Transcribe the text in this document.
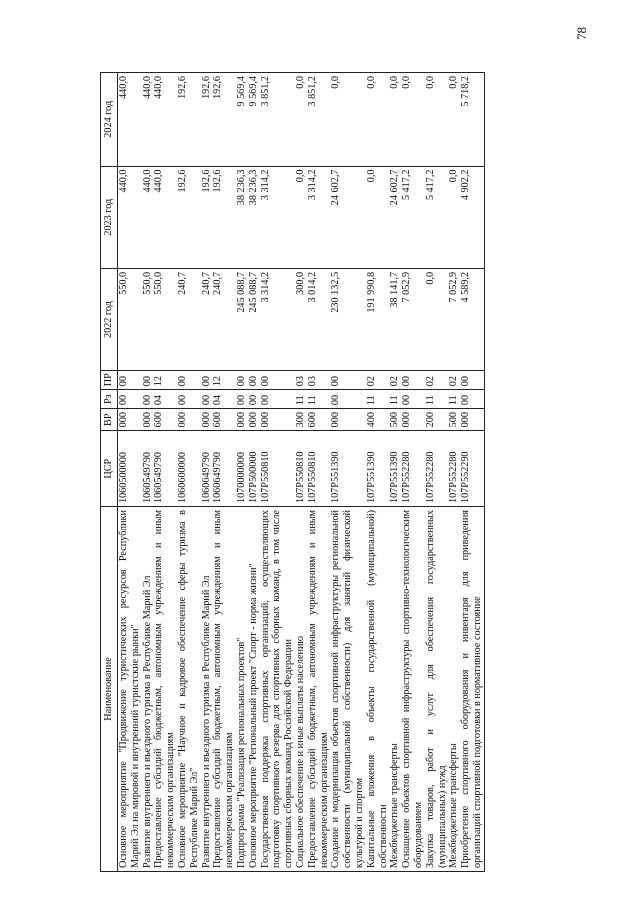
78
Наименование	ЦСР	ВР	Рз	ПР	2022 год	2023 год	2024 год
Основное мероприятие "Продвижение туристических ресурсов Республики Марий Эл на мировой и внутренний туристские рынки"	1060500000	000	00	00	550,0	440,0	440,0
Развитие внутреннего и въездного туризма в Республике Марий Эл	1060549790	000	00	00	550,0	440,0	440,0
Предоставление субсидий бюджетным, автономным учреждениям и иным некоммерческим организациям	1060549790	600	04	12	550,0	440,0	440,0
Основное мероприятие "Научное и кадровое обеспечение сферы туризма в Республике Марий Эл"	1060600000	000	00	00	240,7	192,6	192,6
Развитие внутреннего и въездного туризма в Республике Марий Эл	1060649790	000	00	00	240,7	192,6	192,6
Предоставление субсидий бюджетным, автономным учреждениям и иным некоммерческим организациям	1060649790	600	04	12	240,7	192,6	192,6
Подпрограмма "Реализация региональных проектов"	1070000000	000	00	00	245 088,7	38 236,3	9 569,4
Основное мероприятие "Региональный проект "Спорт - норма жизни"	107P500000	000	00	00	245 088,7	38 236,3	9 569,4
Государственная поддержка спортивных организаций, осуществляющих подготовку спортивного резерва для спортивных сборных команд, в том числе спортивных сборных команд Российской Федерации	107P550810	000	00	00	3 314,2	3 314,2	3 851,2
Социальное обеспечение и иные выплаты населению	107P550810	300	11	03	300,0	0,0	0,0
Предоставление субсидий бюджетным, автономным учреждениям и иным некоммерческим организациям	107P550810	600	11	03	3 014,2	3 314,2	3 851,2
Создание и модернизация объектов спортивной инфраструктуры региональной собственности (муниципальной собственности) для занятий физической культурой и спортом	107P551390	000	00	00	230 132,5	24 602,7	0,0
Капитальные вложения в объекты государственной (муниципальной) собственности	107P551390	400	11	02	191 990,8	0,0	0,0
Межбюджетные трансферты	107P551390	500	11	02	38 141,7	24 602,7	0,0
Оснащение объектов спортивной инфраструктуры спортивно-технологическим оборудованием	107P552280	000	00	00	7 052,9	5 417,2	0,0
Закупка товаров, работ и услуг для обеспечения государственных (муниципальных) нужд	107P552280	200	11	02	0,0	5 417,2	0,0
Межбюджетные трансферты	107P552280	500	11	02	7 052,9	0,0	0,0
Приобретение спортивного оборудования и инвентаря для приведения организаций спортивной подготовки в нормативное состояние	107P552290	000	00	00	4 589,2	4 902,2	5 718,2
